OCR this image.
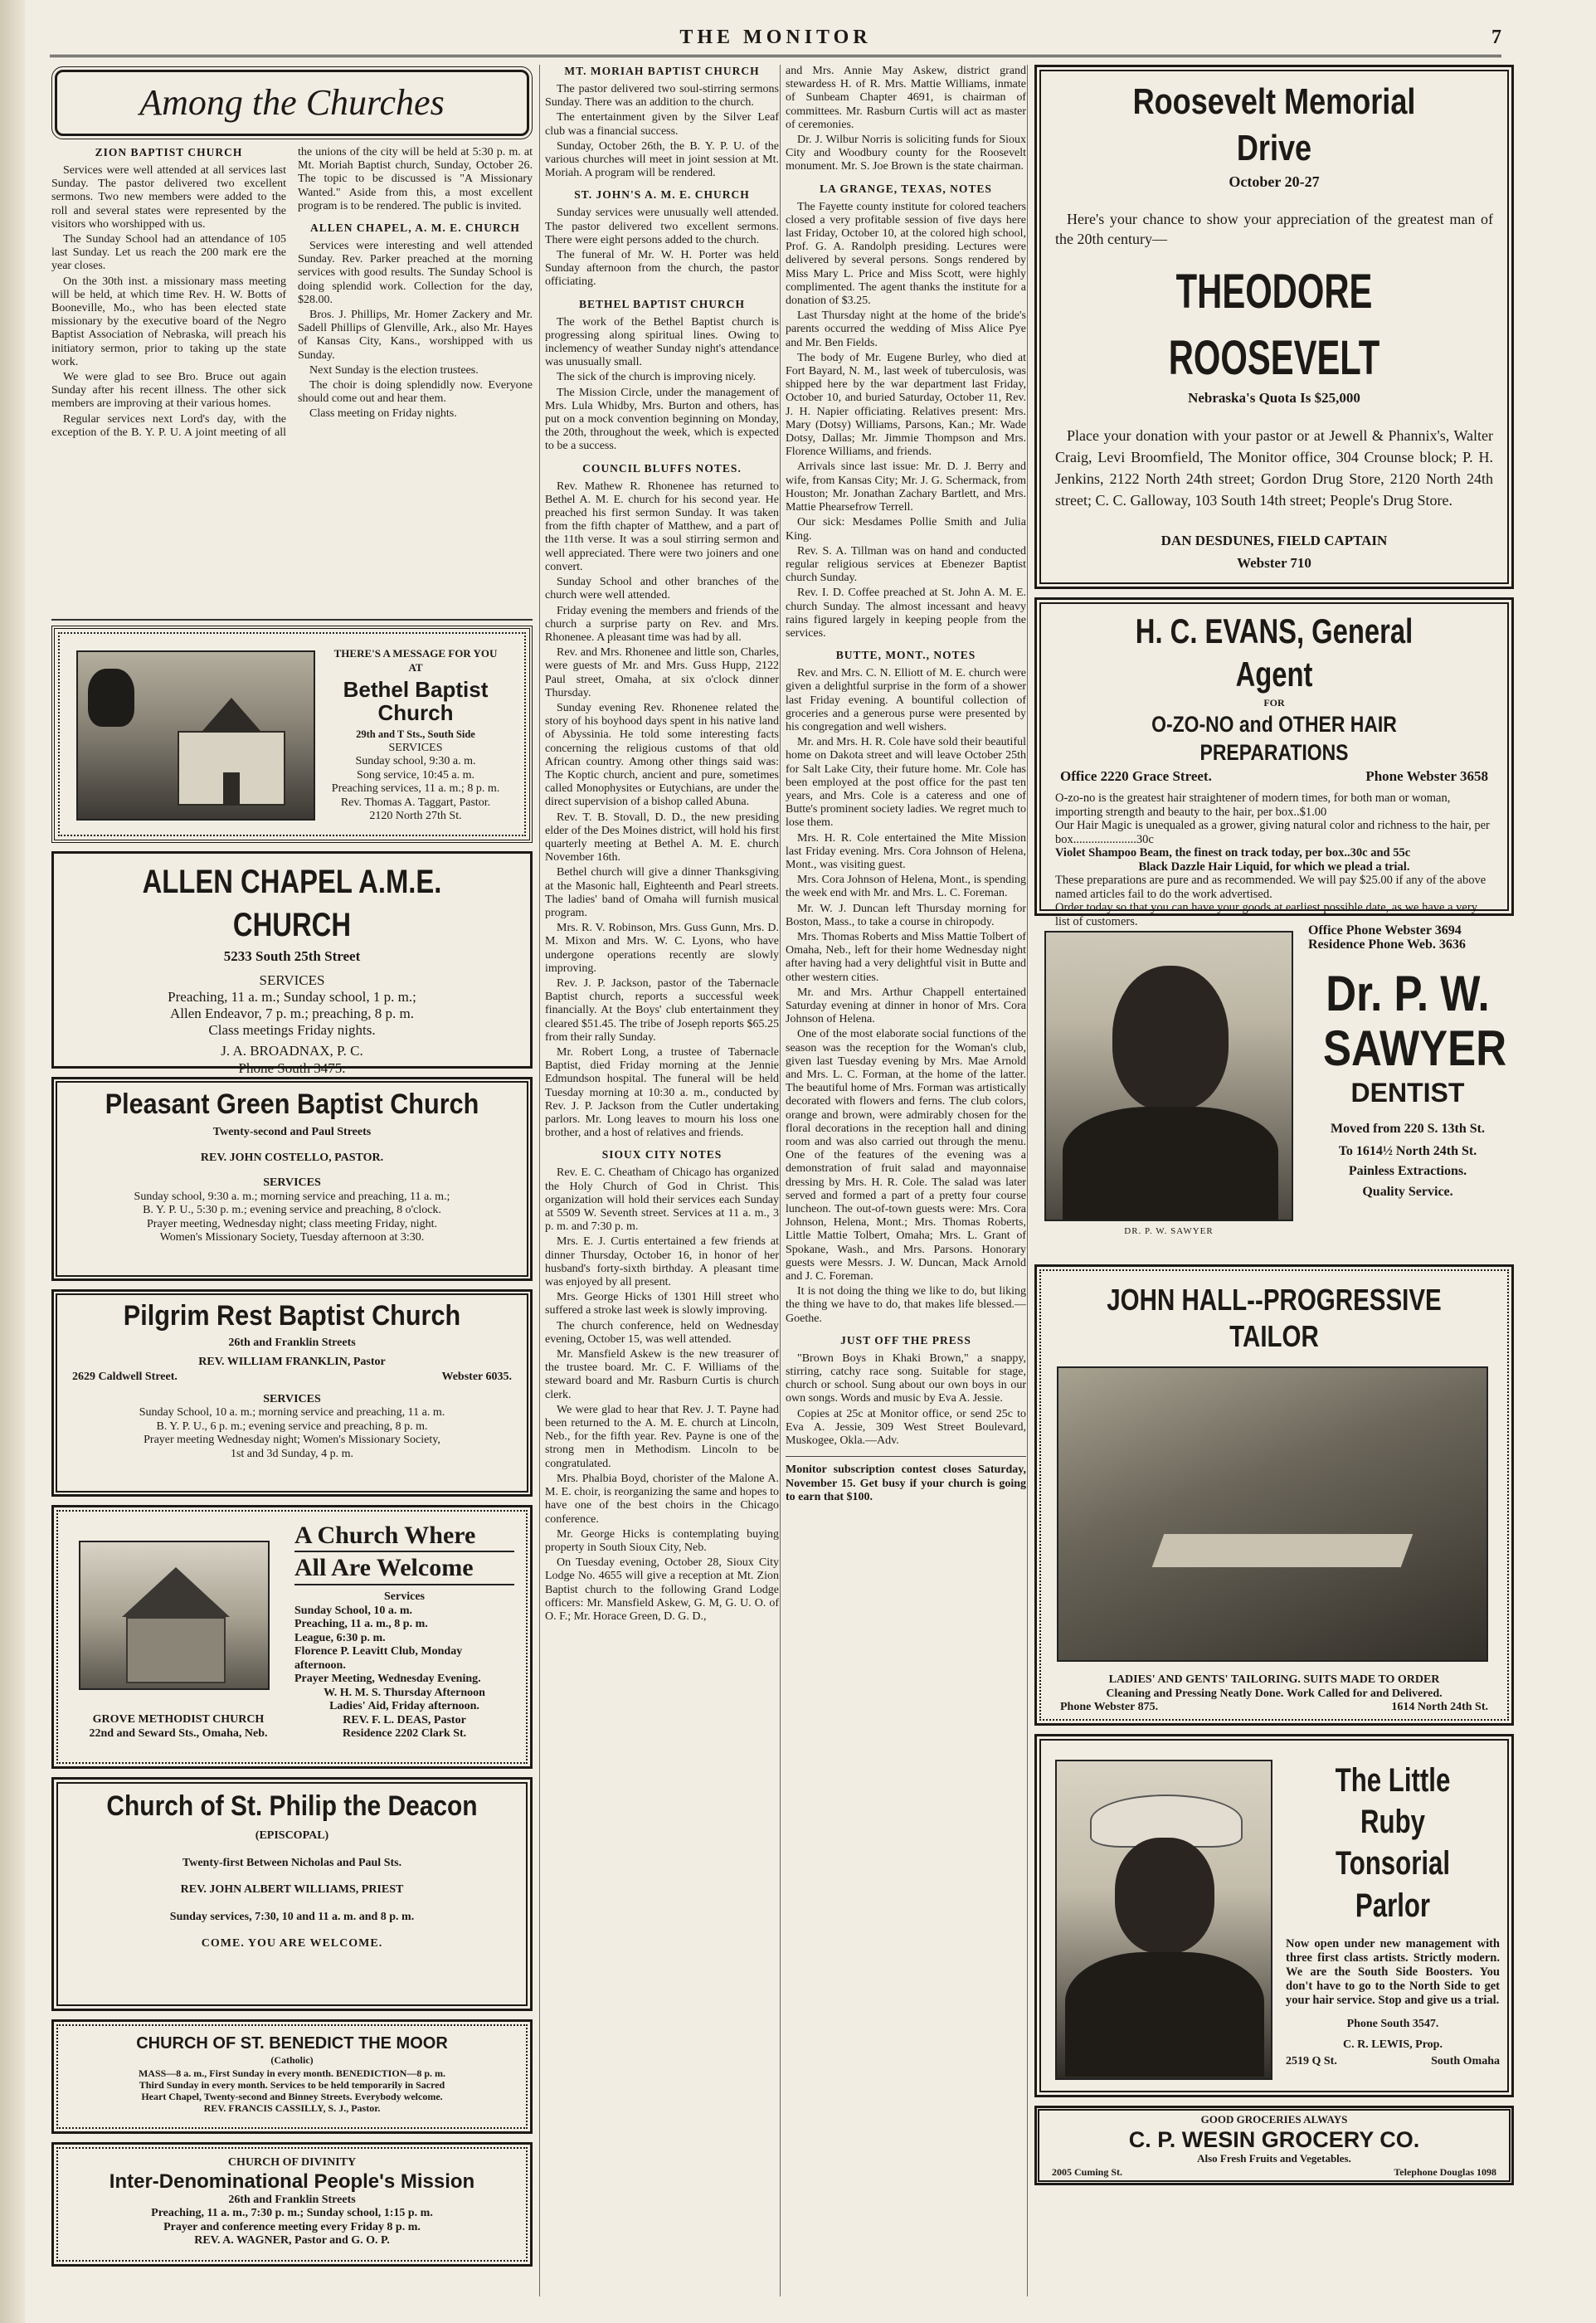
THE MONITOR	7
Among the Churches
ZION BAPTIST CHURCH

Services were well attended at all services last Sunday. The pastor delivered two excellent sermons. Two new members were added to the roll and several states were represented by the visitors who worshipped with us.

The Sunday School had an attendance of 105 last Sunday. Let us reach the 200 mark ere the year closes.

On the 30th inst. a missionary mass meeting will be held, at which time Rev. H. W. Botts of Booneville, Mo., who has been elected state missionary by the executive board of the Negro Baptist Association of Nebraska, will preach his initiatory sermon, prior to taking up the state work.

We were glad to see Bro. Bruce out again Sunday after his recent illness. The other sick members are improving at their various homes.

Regular services next Lord's day, with the exception of the B. Y. P. U. A joint meeting of all the unions of the city will be held at 5:30 p. m. at Mt. Moriah Baptist church, Sunday, October 26. The topic to be discussed is "A Missionary Wanted." Aside from this, a most excellent program is to be rendered. The public is invited.

ALLEN CHAPEL, A. M. E. CHURCH

Services were interesting and well attended Sunday. Rev. Parker preached at the morning services with good results. The Sunday School is doing splendid work. Collection for the day, $28.00.

Bros. J. Phillips, Mr. Homer Zackery and Mr. Sadell Phillips of Glenville, Ark., also Mr. Hayes of Kansas City, Kans., worshipped with us Sunday.

Next Sunday is the election trustees.

The choir is doing splendidly now. Everyone should come out and hear them.

Class meeting on Friday nights.

THERE'S A MESSAGE FOR YOU AT

Bethel Baptist Church

29th and T Sts., South Side

SERVICES

Sunday school, 9:30 a. m.

Song service, 10:45 a. m.

Preaching services, 11 a. m.; 8 p. m.

Rev. Thomas A. Taggart, Pastor.

2120 North 27th St.

ALLEN CHAPEL A.M.E. CHURCH

5233 South 25th Street

SERVICES

Preaching, 11 a. m.; Sunday school, 1 p. m.;

Allen Endeavor, 7 p. m.; preaching, 8 p. m.

Class meetings Friday nights.

J. A. BROADNAX, P. C.

Phone South 3475.

Pleasant Green Baptist Church

Twenty-second and Paul Streets

REV. JOHN COSTELLO, PASTOR.

SERVICES

Sunday school, 9:30 a. m.; morning service and preaching, 11 a. m.;

B. Y. P. U., 5:30 p. m.; evening service and preaching, 8 o'clock.

Prayer meeting, Wednesday night; class meeting Friday, night.

Women's Missionary Society, Tuesday afternoon at 3:30.

Pilgrim Rest Baptist Church

26th and Franklin Streets

REV. WILLIAM FRANKLIN, Pastor

2629 Caldwell Street.	Webster 6035.

SERVICES

Sunday School, 10 a. m.; morning service and preaching, 11 a. m.

B. Y. P. U., 6 p. m.; evening service and preaching, 8 p. m.

Prayer meeting Wednesday night; Women's Missionary Society,

1st and 3d Sunday, 4 p. m.

A Church Where
All Are Welcome

Services

Sunday School, 10 a. m.

Preaching, 11 a. m., 8 p. m.

League, 6:30 p. m.

Florence P. Leavitt Club, Monday afternoon.

Prayer Meeting, Wednesday Evening.

W. H. M. S. Thursday Afternoon

Ladies' Aid, Friday afternoon.

REV. F. L. DEAS, Pastor

Residence 2202 Clark St.

GROVE METHODIST CHURCH

22nd and Seward Sts., Omaha, Neb.

Church of St. Philip the Deacon

(EPISCOPAL)

Twenty-first Between Nicholas and Paul Sts.

REV. JOHN ALBERT WILLIAMS, PRIEST

Sunday services, 7:30, 10 and 11 a. m. and 8 p. m.

COME. YOU ARE WELCOME.

CHURCH OF ST. BENEDICT THE MOOR

(Catholic)

MASS—8 a. m., First Sunday in every month. BENEDICTION—8 p. m.

Third Sunday in every month. Services to be held temporarily in Sacred

Heart Chapel, Twenty-second and Binney Streets. Everybody welcome.

REV. FRANCIS CASSILLY, S. J., Pastor.

CHURCH OF DIVINITY

Inter-Denominational People's Mission

26th and Franklin Streets

Preaching, 11 a. m., 7:30 p. m.; Sunday school, 1:15 p. m.

Prayer and conference meeting every Friday 8 p. m.

REV. A. WAGNER, Pastor and G. O. P.

MT. MORIAH BAPTIST CHURCH

The pastor delivered two soul-stirring sermons Sunday. There was an addition to the church.

The entertainment given by the Silver Leaf club was a financial success.

Sunday, October 26th, the B. Y. P. U. of the various churches will meet in joint session at Mt. Moriah. A program will be rendered.

ST. JOHN'S A. M. E. CHURCH

Sunday services were unusually well attended. The pastor delivered two excellent sermons. There were eight persons added to the church.

The funeral of Mr. W. H. Porter was held Sunday afternoon from the church, the pastor officiating.

BETHEL BAPTIST CHURCH

The work of the Bethel Baptist church is progressing along spiritual lines. Owing to inclemency of weather Sunday night's attendance was unusually small.

The sick of the church is improving nicely.

The Mission Circle, under the management of Mrs. Lula Whidby, Mrs. Burton and others, has put on a mock convention beginning on Monday, the 20th, throughout the week, which is expected to be a success.

COUNCIL BLUFFS NOTES.

Rev. Mathew R. Rhonenee has returned to Bethel A. M. E. church for his second year. He preached his first sermon Sunday. It was taken from the fifth chapter of Matthew, and a part of the 11th verse. It was a soul stirring sermon and well appreciated. There were two joiners and one convert.

Sunday School and other branches of the church were well attended.

Friday evening the members and friends of the church a surprise party on Rev. and Mrs. Rhonenee. A pleasant time was had by all.

Rev. and Mrs. Rhonenee and little son, Charles, were guests of Mr. and Mrs. Guss Hupp, 2122 Paul street, Omaha, at six o'clock dinner Thursday.

Sunday evening Rev. Rhonenee related the story of his boyhood days spent in his native land of Abyssinia. He told some interesting facts concerning the religious customs of that old African country. Among other things said was: The Koptic church, ancient and pure, sometimes called Monophysites or Eutychians, are under the direct supervision of a bishop called Abuna.

Rev. T. B. Stovall, D. D., the new presiding elder of the Des Moines district, will hold his first quarterly meeting at Bethel A. M. E. church November 16th.

Bethel church will give a dinner Thanksgiving at the Masonic hall, Eighteenth and Pearl streets. The ladies' band of Omaha will furnish musical program.

Mrs. R. V. Robinson, Mrs. Guss Gunn, Mrs. D. M. Mixon and Mrs. W. C. Lyons, who have undergone operations recently are slowly improving.

Rev. J. P. Jackson, pastor of the Tabernacle Baptist church, reports a successful week financially. At the Boys' club entertainment they cleared $51.45. The tribe of Joseph reports $65.25 from their rally Sunday.

Mr. Robert Long, a trustee of Tabernacle Baptist, died Friday morning at the Jennie Edmundson hospital. The funeral will be held Tuesday morning at 10:30 a. m., conducted by Rev. J. P. Jackson from the Cutler undertaking parlors. Mr. Long leaves to mourn his loss one brother, and a host of relatives and friends.

SIOUX CITY NOTES

Rev. E. C. Cheatham of Chicago has organized the Holy Church of God in Christ. This organization will hold their services each Sunday at 5509 W. Seventh street. Services at 11 a. m., 3 p. m. and 7:30 p. m.

Mrs. E. J. Curtis entertained a few friends at dinner Thursday, October 16, in honor of her husband's forty-sixth birthday. A pleasant time was enjoyed by all present.

Mrs. George Hicks of 1301 Hill street who suffered a stroke last week is slowly improving.

The church conference, held on Wednesday evening, October 15, was well attended.

Mr. Mansfield Askew is the new treasurer of the trustee board. Mr. C. F. Williams of the steward board and Mr. Rasburn Curtis is church clerk.

We were glad to hear that Rev. J. T. Payne had been returned to the A. M. E. church at Lincoln, Neb., for the fifth year. Rev. Payne is one of the strong men in Methodism. Lincoln to be congratulated.

Mrs. Phalbia Boyd, chorister of the Malone A. M. E. choir, is reorganizing the same and hopes to have one of the best choirs in the Chicago conference.

Mr. George Hicks is contemplating buying property in South Sioux City, Neb.

On Tuesday evening, October 28, Sioux City Lodge No. 4655 will give a reception at Mt. Zion Baptist church to the following Grand Lodge officers: Mr. Mansfield Askew, G. M, G. U. O. of O. F.; Mr. Horace Green, D. G. D.,

and Mrs. Annie May Askew, district grand stewardess H. of R. Mrs. Mattie Williams, inmate of Sunbeam Chapter 4691, is chairman of committees. Mr. Rasburn Curtis will act as master of ceremonies.

Dr. J. Wilbur Norris is soliciting funds for Sioux City and Woodbury county for the Roosevelt monument. Mr. S. Joe Brown is the state chairman.

LA GRANGE, TEXAS, NOTES

The Fayette county institute for colored teachers closed a very profitable session of five days here last Friday, October 10, at the colored high school, Prof. G. A. Randolph presiding. Lectures were delivered by several persons. Songs rendered by Miss Mary L. Price and Miss Scott, were highly complimented. The agent thanks the institute for a donation of $3.25.

Last Thursday night at the home of the bride's parents occurred the wedding of Miss Alice Pye and Mr. Ben Fields.

The body of Mr. Eugene Burley, who died at Fort Bayard, N. M., last week of tuberculosis, was shipped here by the war department last Friday, October 10, and buried Saturday, October 11, Rev. J. H. Napier officiating. Relatives present: Mrs. Mary (Dotsy) Williams, Parsons, Kan.; Mr. Wade Dotsy, Dallas; Mr. Jimmie Thompson and Mrs. Florence Williams, and friends.

Arrivals since last issue: Mr. D. J. Berry and wife, from Kansas City; Mr. J. G. Schermack, from Houston; Mr. Jonathan Zachary Bartlett, and Mrs. Mattie Phearsefrow Terrell.

Our sick: Mesdames Pollie Smith and Julia King.

Rev. S. A. Tillman was on hand and conducted regular religious services at Ebenezer Baptist church Sunday.

Rev. I. D. Coffee preached at St. John A. M. E. church Sunday. The almost incessant and heavy rains figured largely in keeping people from the services.

BUTTE, MONT., NOTES

Rev. and Mrs. C. N. Elliott of M. E. church were given a delightful surprise in the form of a shower last Friday evening. A bountiful collection of groceries and a generous purse were presented by his congregation and well wishers.

Mr. and Mrs. H. R. Cole have sold their beautiful home on Dakota street and will leave October 25th for Salt Lake City, their future home. Mr. Cole has been employed at the post office for the past ten years, and Mrs. Cole is a cateress and one of Butte's prominent society ladies. We regret much to lose them.

Mrs. H. R. Cole entertained the Mite Mission last Friday evening. Mrs. Cora Johnson of Helena, Mont., was visiting guest.

Mrs. Cora Johnson of Helena, Mont., is spending the week end with Mr. and Mrs. L. C. Foreman.

Mr. W. J. Duncan left Thursday morning for Boston, Mass., to take a course in chiropody.

Mrs. Thomas Roberts and Miss Mattie Tolbert of Omaha, Neb., left for their home Wednesday night after having had a very delightful visit in Butte and other western cities.

Mr. and Mrs. Arthur Chappell entertained Saturday evening at dinner in honor of Mrs. Cora Johnson of Helena.

One of the most elaborate social functions of the season was the reception for the Woman's club, given last Tuesday evening by Mrs. Mae Arnold and Mrs. L. C. Forman, at the home of the latter. The beautiful home of Mrs. Forman was artistically decorated with flowers and ferns. The club colors, orange and brown, were admirably chosen for the floral decorations in the reception hall and dining room and was also carried out through the menu. One of the features of the evening was a demonstration of fruit salad and mayonnaise dressing by Mrs. H. R. Cole. The salad was later served and formed a part of a pretty four course luncheon. The out-of-town guests were: Mrs. Cora Johnson, Helena, Mont.; Mrs. Thomas Roberts, Little Mattie Tolbert, Omaha; Mrs. L. Grant of Spokane, Wash., and Mrs. Parsons. Honorary guests were Messrs. J. W. Duncan, Mack Arnold and J. C. Foreman.

It is not doing the thing we like to do, but liking the thing we have to do, that makes life blessed.—Goethe.

JUST OFF THE PRESS

"Brown Boys in Khaki Brown," a snappy, stirring, catchy race song. Suitable for stage, church or school. Sung about our own boys in our own songs. Words and music by Eva A. Jessie.

Copies at 25c at Monitor office, or send 25c to Eva A. Jessie, 309 West Street Boulevard, Muskogee, Okla.—Adv.

Monitor subscription contest closes Saturday, November 15. Get busy if your church is going to earn that $100.

Roosevelt Memorial Drive

October 20-27

Here's your chance to show your appreciation of the greatest man of the 20th century—

THEODORE ROOSEVELT

Nebraska's Quota Is $25,000

Place your donation with your pastor or at Jewell & Phannix's, Walter Craig, Levi Broomfield, The Monitor office, 304 Crounse block; P. H. Jenkins, 2122 North 24th street; Gordon Drug Store, 2120 North 24th street; C. C. Galloway, 103 South 14th street; People's Drug Store.

DAN DESDUNES, FIELD CAPTAIN

Webster 710

H. C. EVANS, General Agent

FOR

O-ZO-NO and OTHER HAIR PREPARATIONS
Office 2220 Grace Street.	Phone Webster 3658

O-zo-no is the greatest hair straightener of modern times, for both man or woman, importing strength and beauty to the hair, per box..$1.00

Our Hair Magic is unequaled as a grower, giving natural color and richness to the hair, per box.....................30c

Violet Shampoo Beam, the finest on track today, per box..30c and 55c

Black Dazzle Hair Liquid, for which we plead a trial.

These preparations are pure and as recommended. We will pay $25.00 if any of the above named articles fail to do the work advertised.

Order today so that you can have your goods at earliest possible date, as we have a very list of customers.

DR. P. W. SAWYER

Office Phone Webster 3694

Residence Phone Web. 3636

Dr. P. W.
SAWYER
DENTIST

Moved from 220 S. 13th St.

To 1614½ North 24th St.

Painless Extractions.

Quality Service.

JOHN HALL--PROGRESSIVE TAILOR

LADIES' AND GENTS' TAILORING. SUITS MADE TO ORDER

Cleaning and Pressing Neatly Done. Work Called for and Delivered.

Phone Webster 875.	1614 North 24th St.
The Little Ruby
Tonsorial
Parlor

Now open under new management with three first class artists. Strictly modern. We are the South Side Boosters. You don't have to go to the North Side to get your hair service. Stop and give us a trial.

Phone South 3547.

C. R. LEWIS, Prop.

2519 Q St.	South Omaha

GOOD GROCERIES ALWAYS

C. P. WESIN GROCERY CO.

Also Fresh Fruits and Vegetables.

2005 Cuming St.	Telephone Douglas 1098
